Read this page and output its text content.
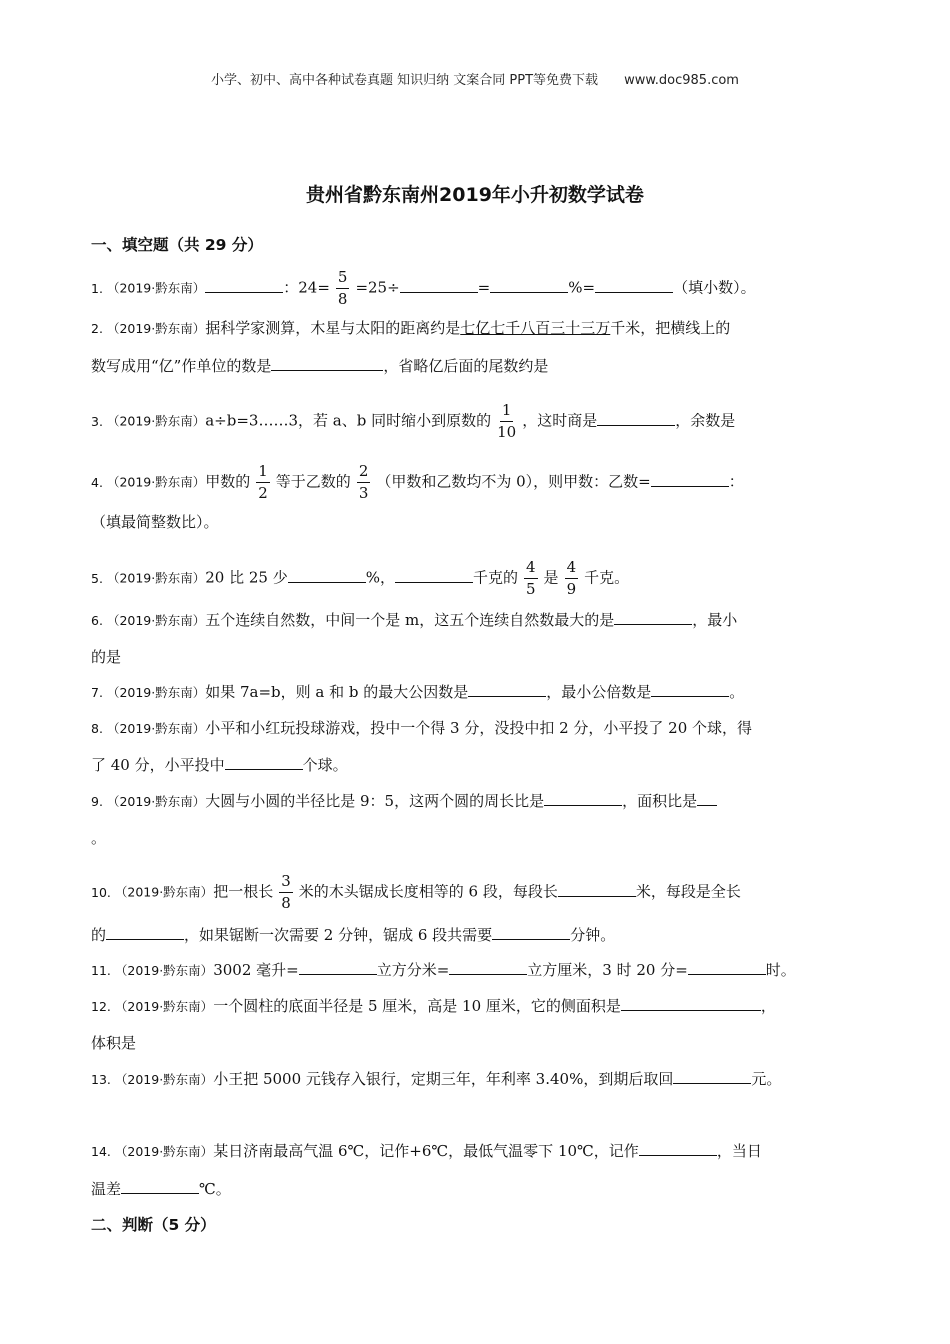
小学、初中、高中各种试卷真题 知识归纳 文案合同 PPT等免费下载 www.doc985.com
贵州省黔东南州2019年小升初数学试卷
一、填空题（共 29 分）
1. （2019·黔东南）	：$24= \frac{5}{8} =25\div$	=	%=	（填小数）。
2. （2019·黔东南）据科学家测算，木星与太阳的距离约是七亿七千八百三十三万千米，把横线上的
数写成用“亿”作单位的数是	，省略亿后面的尾数约是
3. （2019·黔东南）a÷b=3……3，若 a、b 同时缩小到原数的 $\frac{1}{10}$ ，这时商是	，余数是
4. （2019·黔东南）甲数的 $\frac{1}{2}$ 等于乙数的 $\frac{2}{3}$ （甲数和乙数均不为 0），则甲数：乙数=	：
（填最简整数比）。
5. （2019·黔东南）20 比 25 少	%，	千克的 $\frac{4}{5}$ 是 $\frac{4}{9}$ 千克。
6. （2019·黔东南）五个连续自然数，中间一个是 m，这五个连续自然数最大的是	，最小
的是
7. （2019·黔东南）如果 7a=b，则 a 和 b 的最大公因数是	，最小公倍数是	。
8. （2019·黔东南）小平和小红玩投球游戏，投中一个得 3 分，没投中扣 2 分，小平投了 20 个球，得
了 40 分，小平投中	个球。
9. （2019·黔东南）大圆与小圆的半径比是 9：5，这两个圆的周长比是	，面积比是
。
10. （2019·黔东南）把一根长 $\frac{3}{8}$ 米的木头锯成长度相等的 6 段，每段长	米，每段是全长
的	，如果锯断一次需要 2 分钟，锯成 6 段共需要	分钟。
11. （2019·黔东南）3002 毫升=	立方分米=	立方厘米，3 时 20 分=	时。
12. （2019·黔东南）一个圆柱的底面半径是 5 厘米，高是 10 厘米，它的侧面积是	，
体积是
13. （2019·黔东南）小王把 5000 元钱存入银行，定期三年，年利率 3.40%，到期后取回	元。
14. （2019·黔东南）某日济南最高气温 6℃，记作+6℃，最低气温零下 10℃，记作	，当日
温差	℃。
二、判断（5 分）
